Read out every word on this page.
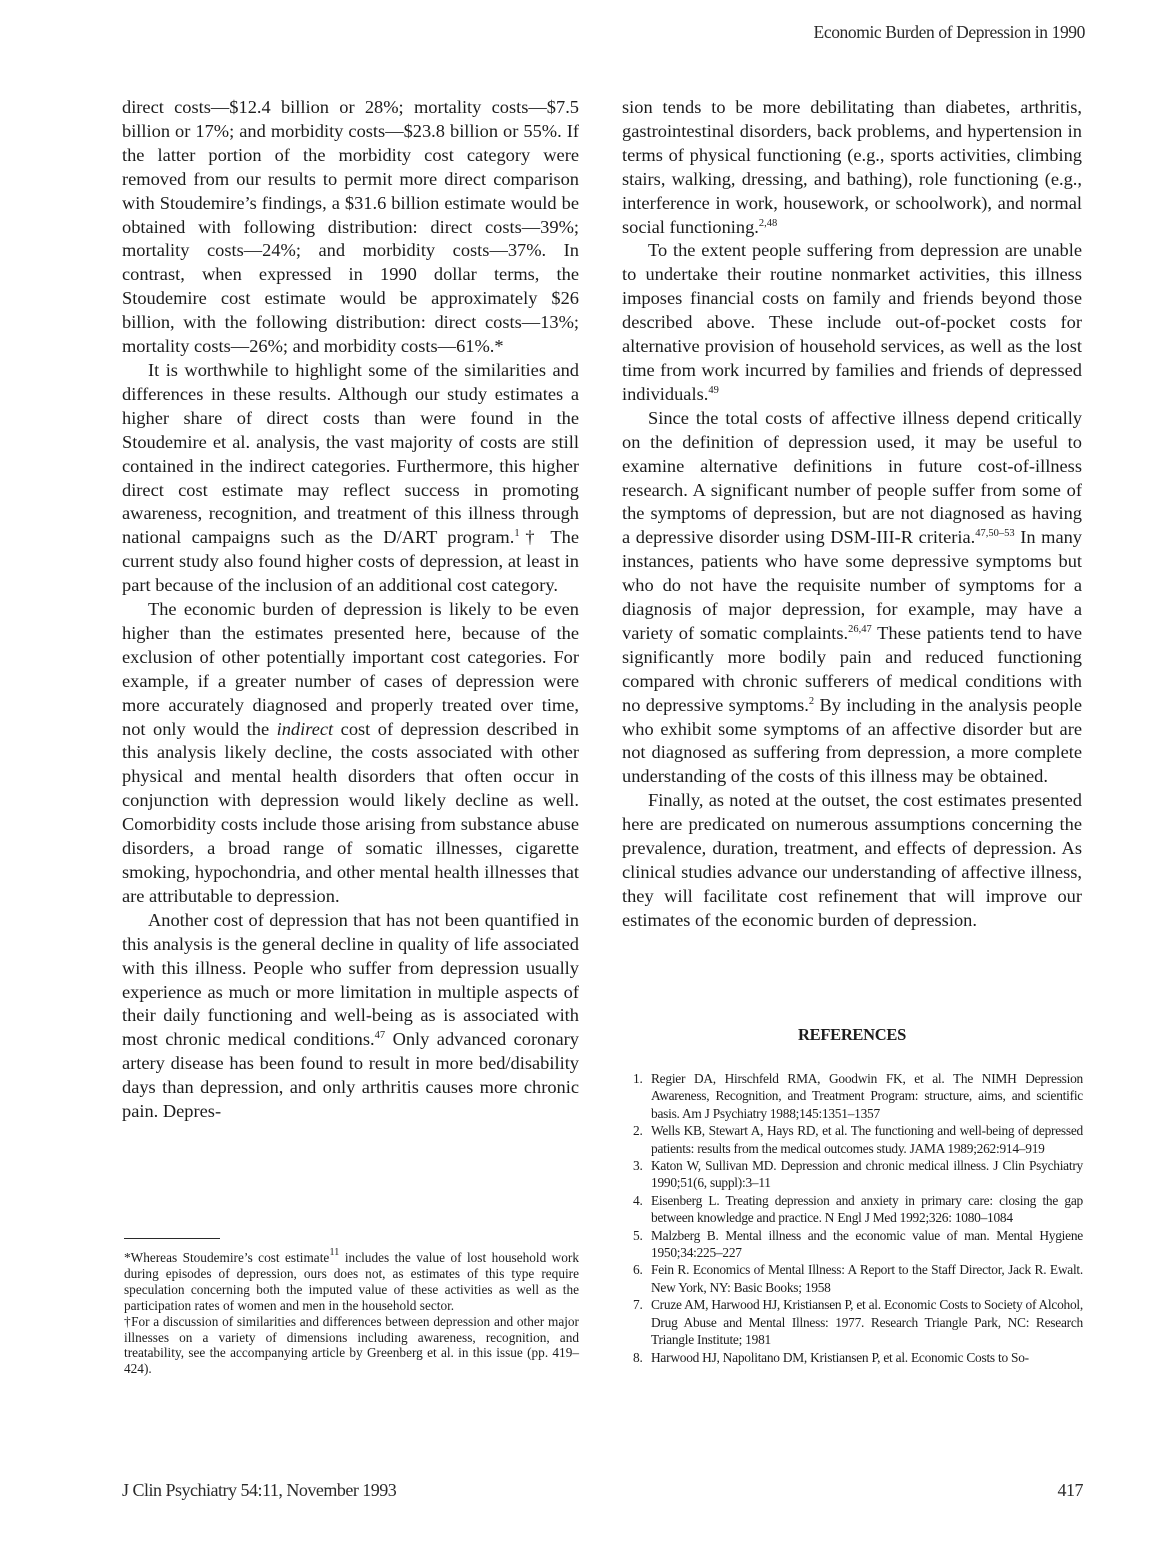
Economic Burden of Depression in 1990

direct costs—$12.4 billion or 28%; mortality costs—$7.5 billion or 17%; and morbidity costs—$23.8 billion or 55%. If the latter portion of the morbidity cost category were removed from our results to permit more direct comparison with Stoudemire’s findings, a $31.6 billion estimate would be obtained with following distribution: direct costs—39%; mortality costs—24%; and morbidity costs—37%. In contrast, when expressed in 1990 dollar terms, the Stoudemire cost estimate would be approximately $26 billion, with the following distribution: direct costs—13%; mortality costs—26%; and morbidity costs—61%.*

It is worthwhile to highlight some of the similarities and differences in these results. Although our study estimates a higher share of direct costs than were found in the Stoudemire et al. analysis, the vast majority of costs are still contained in the indirect categories. Furthermore, this higher direct cost estimate may reflect success in promoting awareness, recognition, and treatment of this illness through national campaigns such as the D/ART program.$^1$† The current study also found higher costs of depression, at least in part because of the inclusion of an additional cost category.

The economic burden of depression is likely to be even higher than the estimates presented here, because of the exclusion of other potentially important cost categories. For example, if a greater number of cases of depression were more accurately diagnosed and properly treated over time, not only would the indirect cost of depression described in this analysis likely decline, the costs associated with other physical and mental health disorders that often occur in conjunction with depression would likely decline as well. Comorbidity costs include those arising from substance abuse disorders, a broad range of somatic illnesses, cigarette smoking, hypochondria, and other mental health illnesses that are attributable to depression.

Another cost of depression that has not been quantified in this analysis is the general decline in quality of life associated with this illness. People who suffer from depression usually experience as much or more limitation in multiple aspects of their daily functioning and well-being as is associated with most chronic medical conditions.$^{47}$ Only advanced coronary artery disease has been found to result in more bed/disability days than depression, and only arthritis causes more chronic pain. Depres-

sion tends to be more debilitating than diabetes, arthritis, gastrointestinal disorders, back problems, and hypertension in terms of physical functioning (e.g., sports activities, climbing stairs, walking, dressing, and bathing), role functioning (e.g., interference in work, housework, or schoolwork), and normal social functioning.$^{2,48}$

To the extent people suffering from depression are unable to undertake their routine nonmarket activities, this illness imposes financial costs on family and friends beyond those described above. These include out-of-pocket costs for alternative provision of household services, as well as the lost time from work incurred by families and friends of depressed individuals.$^{49}$

Since the total costs of affective illness depend critically on the definition of depression used, it may be useful to examine alternative definitions in future cost-of-illness research. A significant number of people suffer from some of the symptoms of depression, but are not diagnosed as having a depressive disorder using DSM-III-R criteria.$^{47,50-53}$ In many instances, patients who have some depressive symptoms but who do not have the requisite number of symptoms for a diagnosis of major depression, for example, may have a variety of somatic complaints.$^{26,47}$ These patients tend to have significantly more bodily pain and reduced functioning compared with chronic sufferers of medical conditions with no depressive symptoms.$^2$ By including in the analysis people who exhibit some symptoms of an affective disorder but are not diagnosed as suffering from depression, a more complete understanding of the costs of this illness may be obtained.

Finally, as noted at the outset, the cost estimates presented here are predicated on numerous assumptions concerning the prevalence, duration, treatment, and effects of depression. As clinical studies advance our understanding of affective illness, they will facilitate cost refinement that will improve our estimates of the economic burden of depression.

*Whereas Stoudemire’s cost estimate$^{11}$ includes the value of lost household work during episodes of depression, ours does not, as estimates of this type require speculation concerning both the imputed value of these activities as well as the participation rates of women and men in the household sector.

†For a discussion of similarities and differences between depression and other major illnesses on a variety of dimensions including awareness, recognition, and treatability, see the accompanying article by Greenberg et al. in this issue (pp. 419–424).

REFERENCES
1. Regier DA, Hirschfeld RMA, Goodwin FK, et al. The NIMH Depression Awareness, Recognition, and Treatment Program: structure, aims, and scientific basis. Am J Psychiatry 1988;145:1351–1357
2. Wells KB, Stewart A, Hays RD, et al. The functioning and well-being of depressed patients: results from the medical outcomes study. JAMA 1989;262:914–919
3. Katon W, Sullivan MD. Depression and chronic medical illness. J Clin Psychiatry 1990;51(6, suppl):3–11
4. Eisenberg L. Treating depression and anxiety in primary care: closing the gap between knowledge and practice. N Engl J Med 1992;326: 1080–1084
5. Malzberg B. Mental illness and the economic value of man. Mental Hygiene 1950;34:225–227
6. Fein R. Economics of Mental Illness: A Report to the Staff Director, Jack R. Ewalt. New York, NY: Basic Books; 1958
7. Cruze AM, Harwood HJ, Kristiansen P, et al. Economic Costs to Society of Alcohol, Drug Abuse and Mental Illness: 1977. Research Triangle Park, NC: Research Triangle Institute; 1981
8. Harwood HJ, Napolitano DM, Kristiansen P, et al. Economic Costs to So-
J Clin Psychiatry 54:11, November 1993	417
